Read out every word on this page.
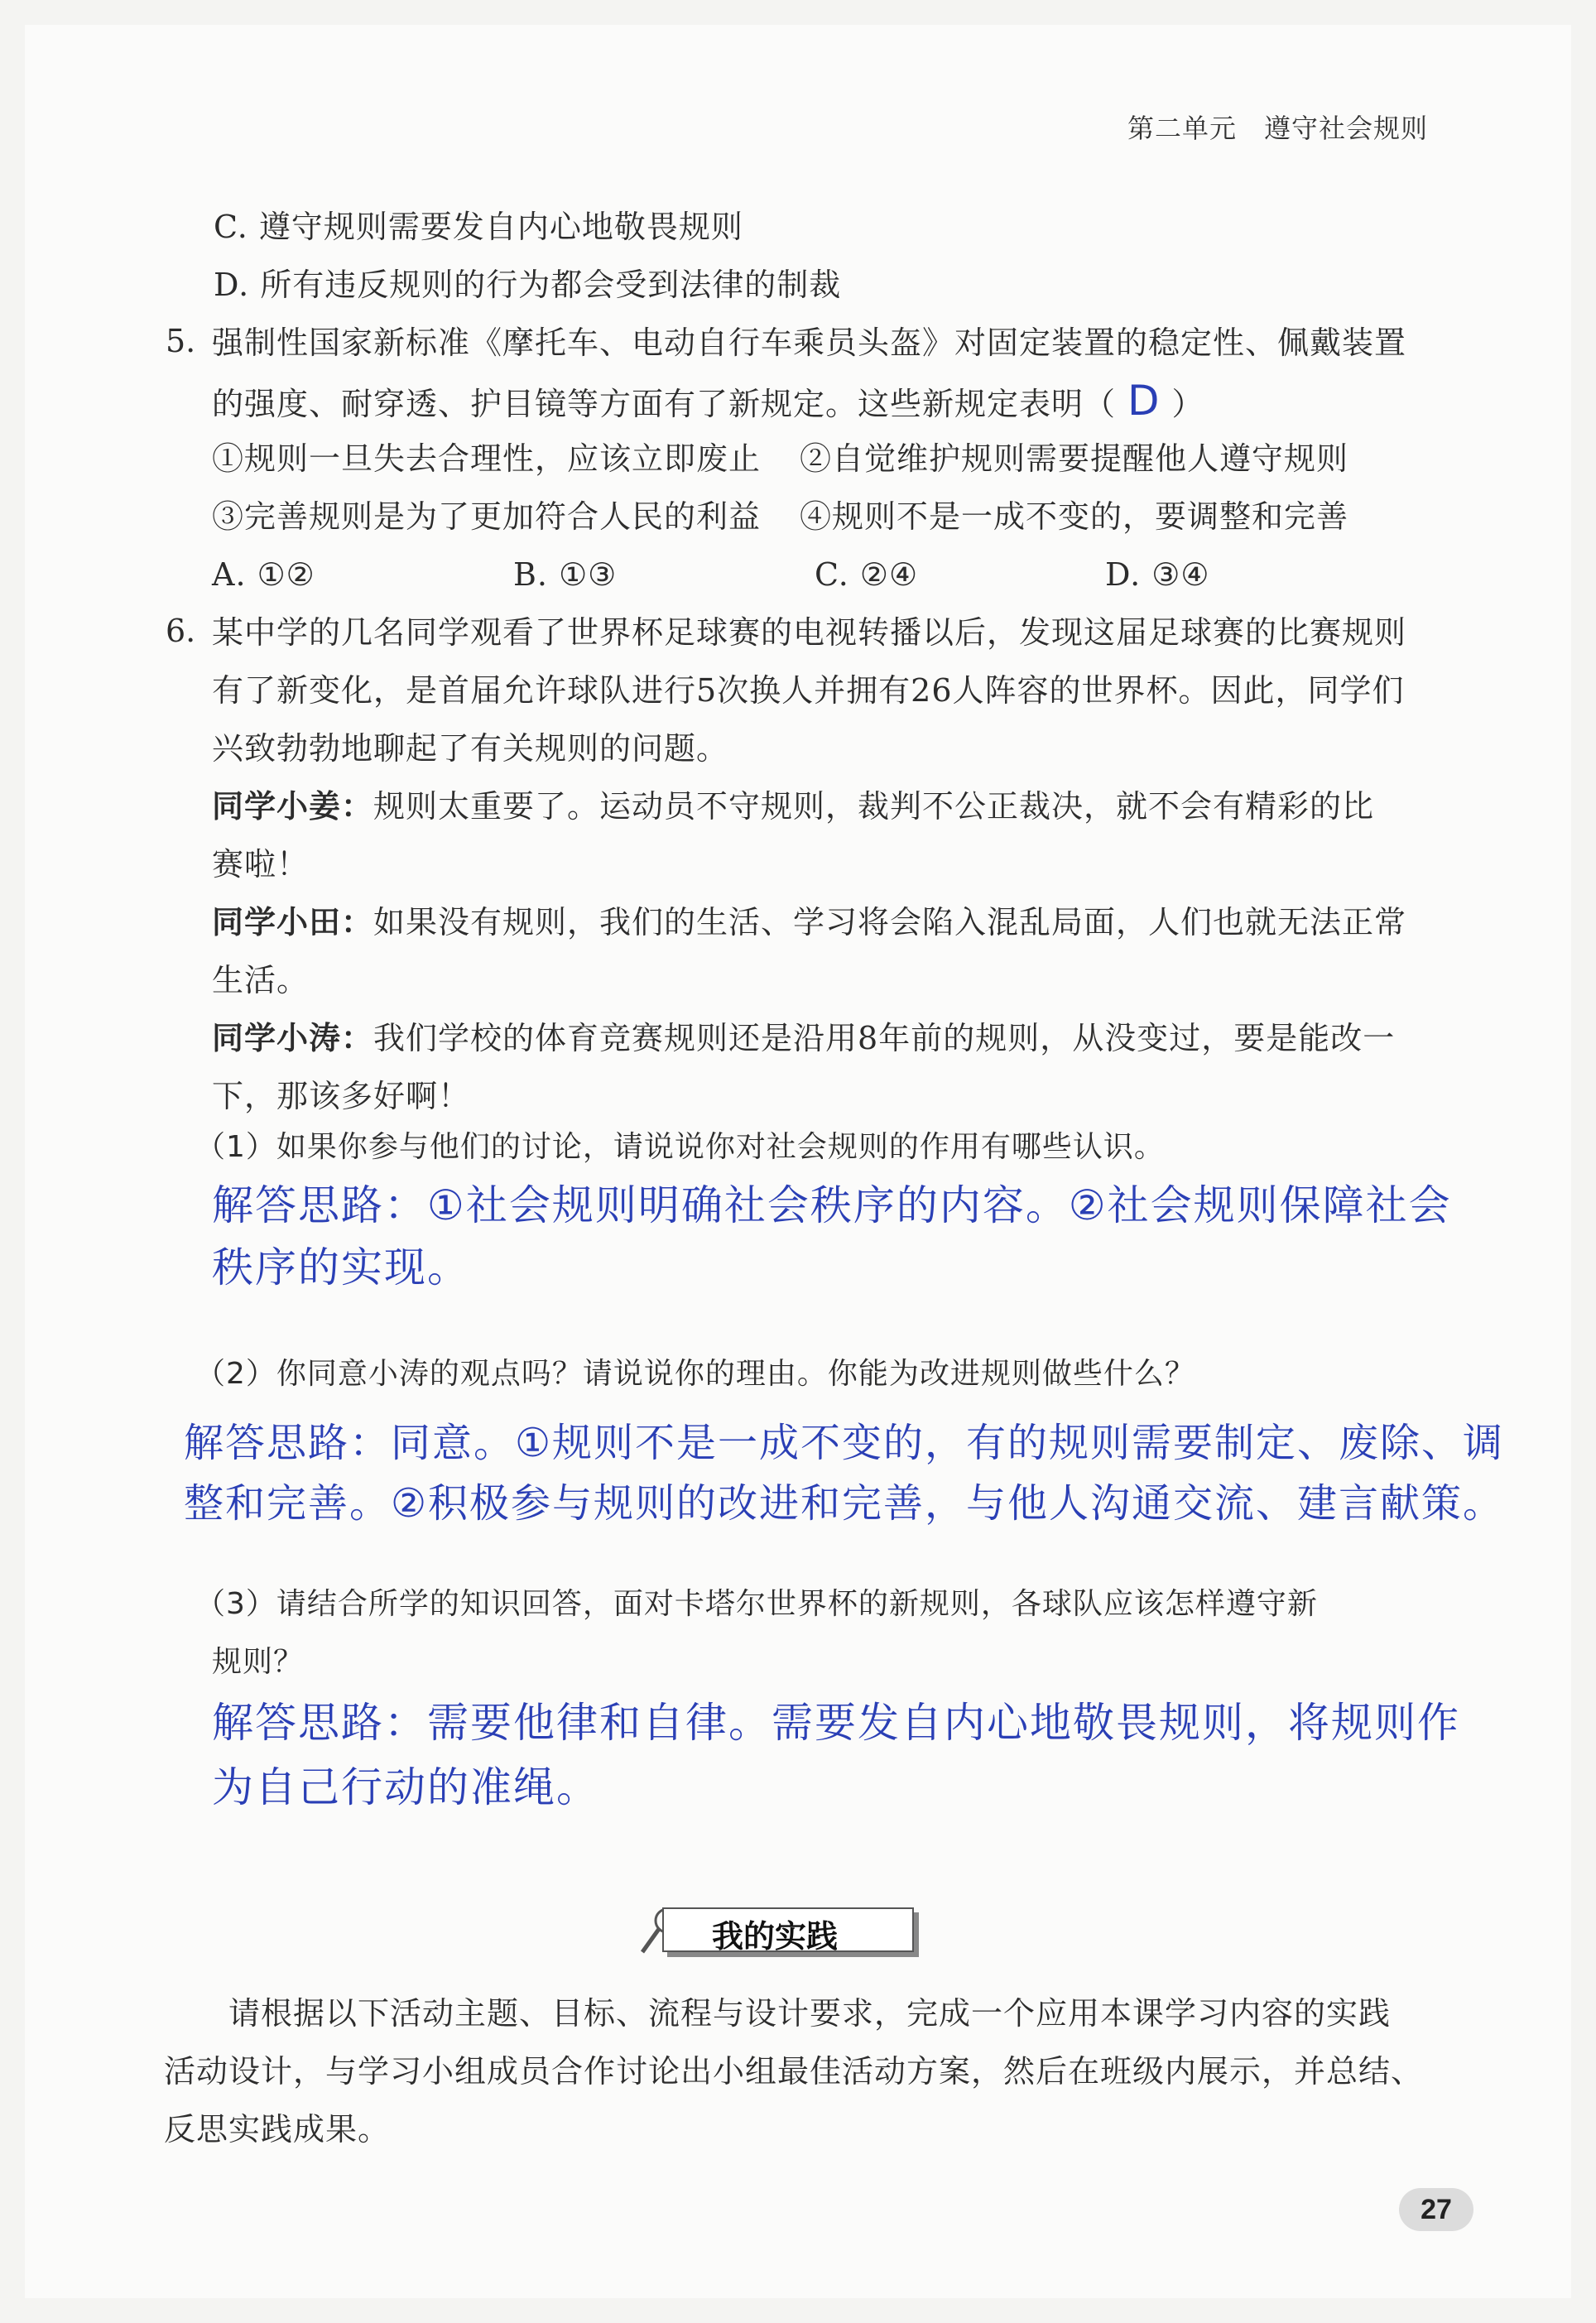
第二单元　遵守社会规则
C. 遵守规则需要发自内心地敬畏规则
D. 所有违反规则的行为都会受到法律的制裁
5. 强制性国家新标准《摩托车、电动自行车乘员头盔》对固定装置的稳定性、佩戴装置
的强度、耐穿透、护目镜等方面有了新规定。这些新规定表明（ D ）
①规则一旦失去合理性，应该立即废止 ②自觉维护规则需要提醒他人遵守规则
③完善规则是为了更加符合人民的利益 ④规则不是一成不变的，要调整和完善
A. ①②	B. ①③	C. ②④	D. ③④
6. 某中学的几名同学观看了世界杯足球赛的电视转播以后，发现这届足球赛的比赛规则
有了新变化，是首届允许球队进行5次换人并拥有26人阵容的世界杯。因此，同学们
兴致勃勃地聊起了有关规则的问题。
同学小姜：规则太重要了。运动员不守规则，裁判不公正裁决，就不会有精彩的比
赛啦！
同学小田：如果没有规则，我们的生活、学习将会陷入混乱局面，人们也就无法正常
生活。
同学小涛：我们学校的体育竞赛规则还是沿用8年前的规则，从没变过，要是能改一
下，那该多好啊！
（1）如果你参与他们的讨论，请说说你对社会规则的作用有哪些认识。
解答思路：①社会规则明确社会秩序的内容。②社会规则保障社会
秩序的实现。
（2）你同意小涛的观点吗？请说说你的理由。你能为改进规则做些什么？
解答思路：同意。①规则不是一成不变的，有的规则需要制定、废除、调
整和完善。②积极参与规则的改进和完善，与他人沟通交流、建言献策。
（3）请结合所学的知识回答，面对卡塔尔世界杯的新规则，各球队应该怎样遵守新
规则？
解答思路：需要他律和自律。需要发自内心地敬畏规则，将规则作
为自己行动的准绳。
我的实践
请根据以下活动主题、目标、流程与设计要求，完成一个应用本课学习内容的实践
活动设计，与学习小组成员合作讨论出小组最佳活动方案，然后在班级内展示，并总结、
反思实践成果。
27
